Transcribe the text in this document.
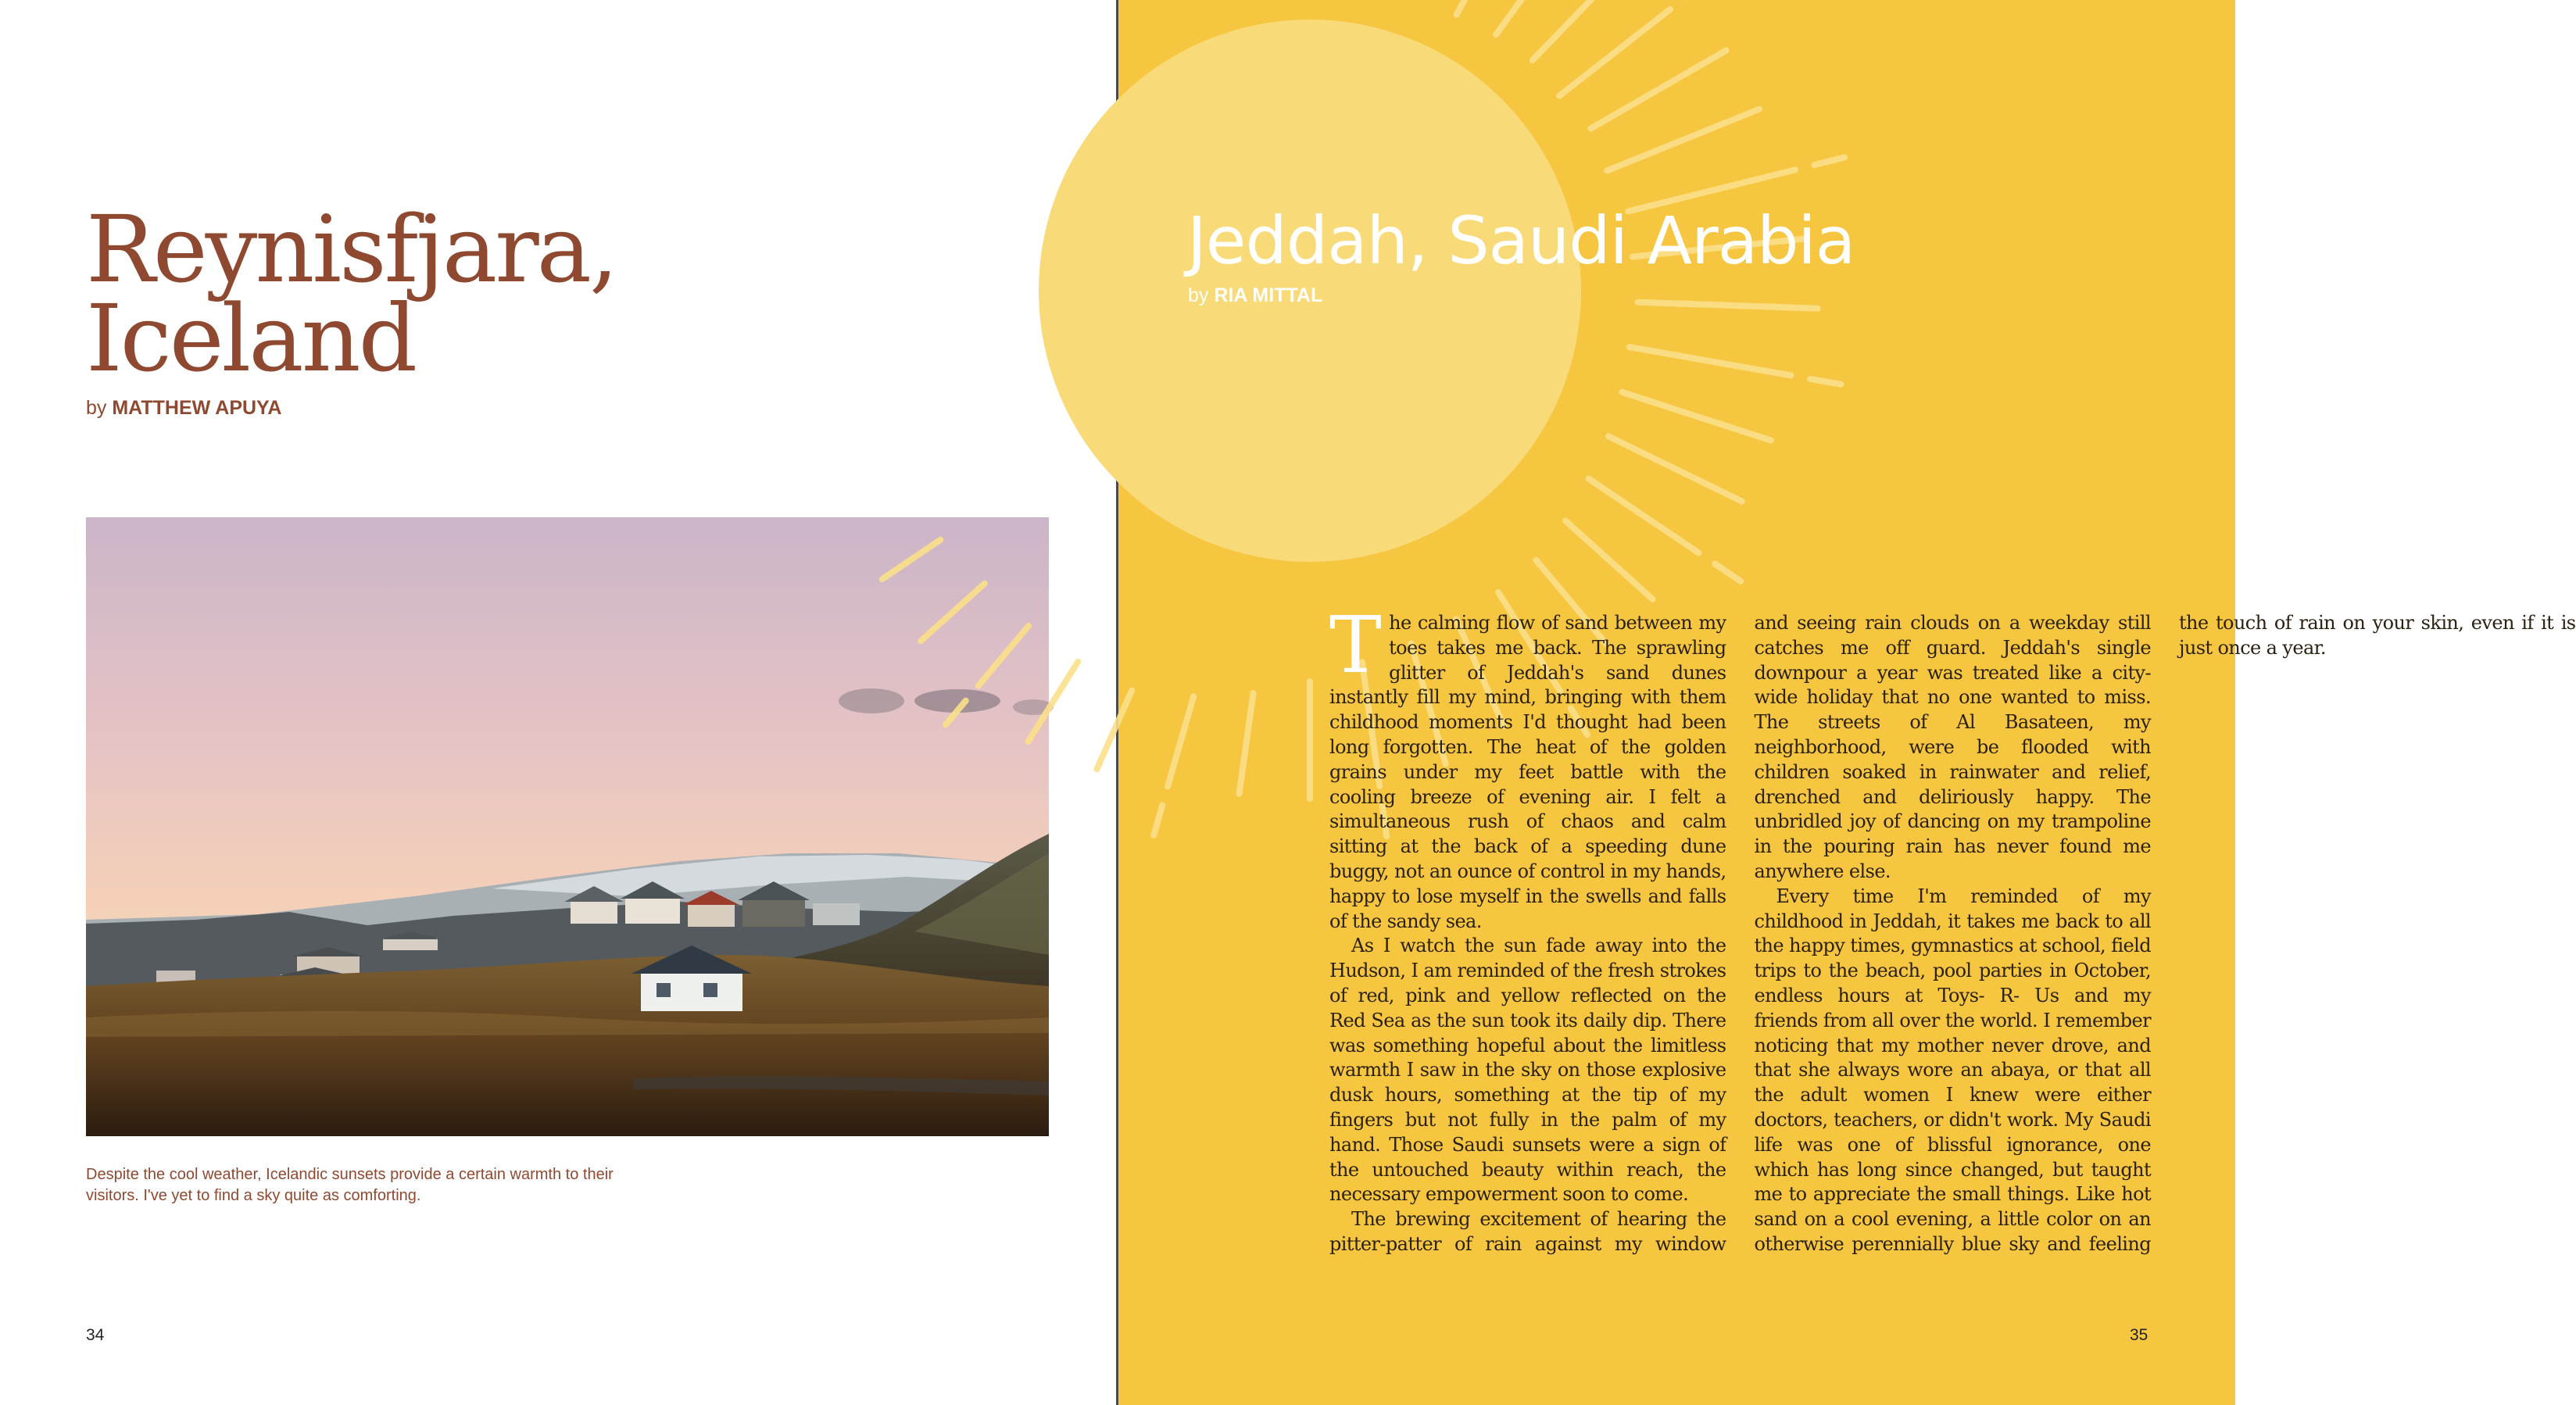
Reynisfjara,
Iceland
by MATTHEW APUYA

Despite the cool weather, Icelandic sunsets provide a certain warmth to their visitors. I've yet to find a sky quite as comforting.

34
Jeddah, Saudi Arabia
by RIA MITTAL

The calming flow of sand between my toes takes me back. The sprawling glitter of Jeddah's sand dunes instantly fill my mind, bringing with them childhood moments I'd thought had been long forgotten. The heat of the golden grains under my feet battle with the cooling breeze of evening air. I felt a simultaneous rush of chaos and calm sitting at the back of a speeding dune buggy, not an ounce of control in my hands, happy to lose myself in the swells and falls of the sandy sea.

As I watch the sun fade away into the Hudson, I am reminded of the fresh strokes of red, pink and yellow reflected on the Red Sea as the sun took its daily dip. There was something hopeful about the limitless warmth I saw in the sky on those explosive dusk hours, something at the tip of my fingers but not fully in the palm of my hand. Those Saudi sunsets were a sign of the untouched beauty within reach, the necessary empowerment soon to come.

The brewing excitement of hearing the pitter-patter of rain against my window and seeing rain clouds on a weekday still catches me off guard. Jeddah's single downpour a year was treated like a city-wide holiday that no one wanted to miss. The streets of Al Basateen, my neighborhood, were be flooded with children soaked in rainwater and relief, drenched and deliriously happy. The unbridled joy of dancing on my trampoline in the pouring rain has never found me anywhere else.

Every time I'm reminded of my childhood in Jeddah, it takes me back to all the happy times, gymnastics at school, field trips to the beach, pool parties in October, endless hours at Toys- R- Us and my friends from all over the world. I remember noticing that my mother never drove, and that she always wore an abaya, or that all the adult women I knew were either doctors, teachers, or didn't work. My Saudi life was one of blissful ignorance, one which has long since changed, but taught me to appreciate the small things. Like hot sand on a cool evening, a little color on an otherwise perennially blue sky and feeling the touch of rain on your skin, even if it is just once a year.

35
